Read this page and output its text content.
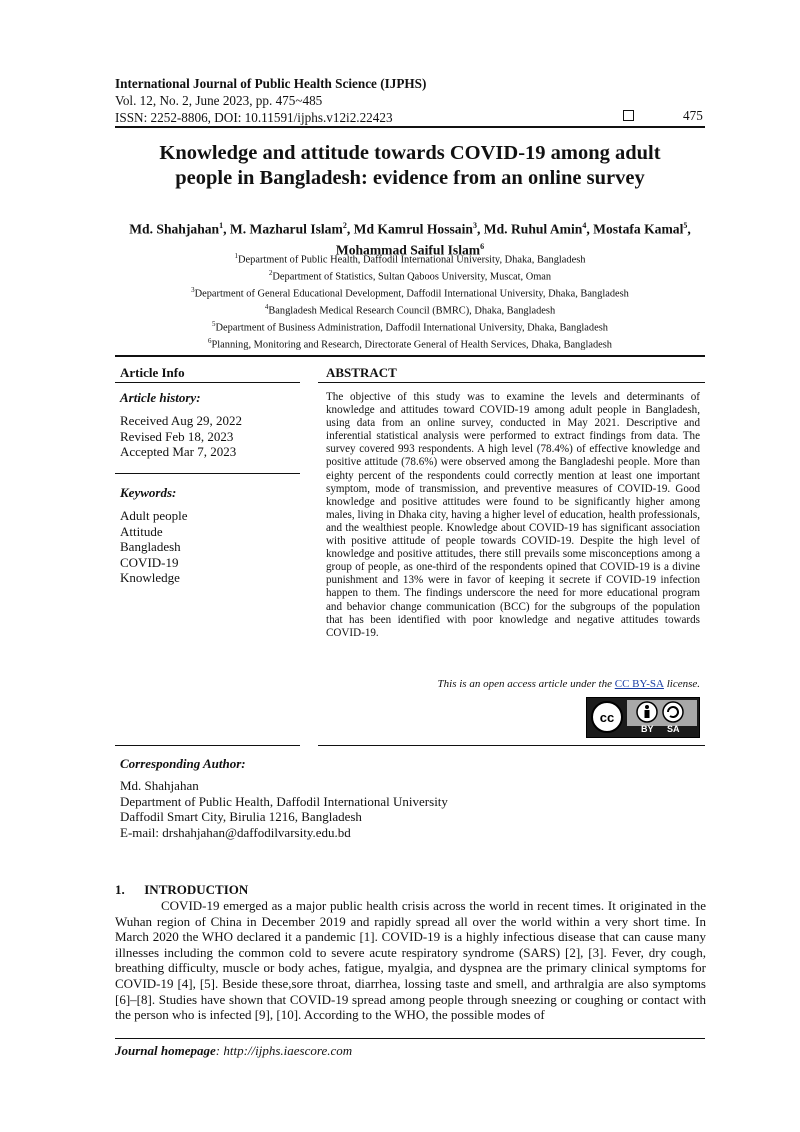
International Journal of Public Health Science (IJPHS)
Vol. 12, No. 2, June 2023, pp. 475~485
ISSN: 2252-8806, DOI: 10.11591/ijphs.v12i2.22423	475
Knowledge and attitude towards COVID-19 among adult
people in Bangladesh: evidence from an online survey
Md. Shahjahan$^1$, M. Mazharul Islam$^2$, Md Kamrul Hossain$^3$, Md. Ruhul Amin$^4$, Mostafa Kamal$^5$,
Mohammad Saiful Islam$^6$
$^1$Department of Public Health, Daffodil International University, Dhaka, Bangladesh
$^2$Department of Statistics, Sultan Qaboos University, Muscat, Oman
$^3$Department of General Educational Development, Daffodil International University, Dhaka, Bangladesh
$^4$Bangladesh Medical Research Council (BMRC), Dhaka, Bangladesh
$^5$Department of Business Administration, Daffodil International University, Dhaka, Bangladesh
$^6$Planning, Monitoring and Research, Directorate General of Health Services, Dhaka, Bangladesh
Article Info
Article history:
Received Aug 29, 2022
Revised Feb 18, 2023
Accepted Mar 7, 2023
Keywords:
Adult people
Attitude
Bangladesh
COVID-19
Knowledge
ABSTRACT
The objective of this study was to examine the levels and determinants of knowledge and attitudes toward COVID-19 among adult people in Bangladesh, using data from an online survey, conducted in May 2021. Descriptive and inferential statistical analysis were performed to extract findings from data. The survey covered 993 respondents. A high level (78.4%) of effective knowledge and positive attitude (78.6%) were observed among the Bangladeshi people. More than eighty percent of the respondents could correctly mention at least one important symptom, mode of transmission, and preventive measures of COVID-19. Good knowledge and positive attitudes were found to be significantly higher among males, living in Dhaka city, having a higher level of education, health professionals, and the wealthiest people. Knowledge about COVID-19 has significant association with positive attitude of people towards COVID-19. Despite the high level of knowledge and positive attitudes, there still prevails some misconceptions among a group of people, as one-third of the respondents opined that COVID-19 is a divine punishment and 13% were in favor of keeping it secrete if COVID-19 infection happen to them. The findings underscore the need for more educational program and behavior change communication (BCC) for the subgroups of the population that has been identified with poor knowledge and negative attitudes towards COVID-19.
This is an open access article under the CC BY-SA license.
cc
BY SA
Corresponding Author:
Md. Shahjahan
Department of Public Health, Daffodil International University
Daffodil Smart City, Birulia 1216, Bangladesh
E-mail: drshahjahan@daffodilvarsity.edu.bd
1.      INTRODUCTION
COVID-19 emerged as a major public health crisis across the world in recent times. It originated in the Wuhan region of China in December 2019 and rapidly spread all over the world within a very short time. In March 2020 the WHO declared it a pandemic [1]. COVID-19 is a highly infectious disease that can cause many illnesses including the common cold to severe acute respiratory syndrome (SARS) [2], [3]. Fever, dry cough, breathing difficulty, muscle or body aches, fatigue, myalgia, and dyspnea are the primary clinical symptoms for COVID-19 [4], [5]. Beside these,sore throat, diarrhea, lossing taste and smell, and arthralgia are also symptoms [6]–[8]. Studies have shown that COVID-19 spread among people through sneezing or coughing or contact with the person who is infected [9], [10]. According to the WHO, the possible modes of
Journal homepage: http://ijphs.iaescore.com
